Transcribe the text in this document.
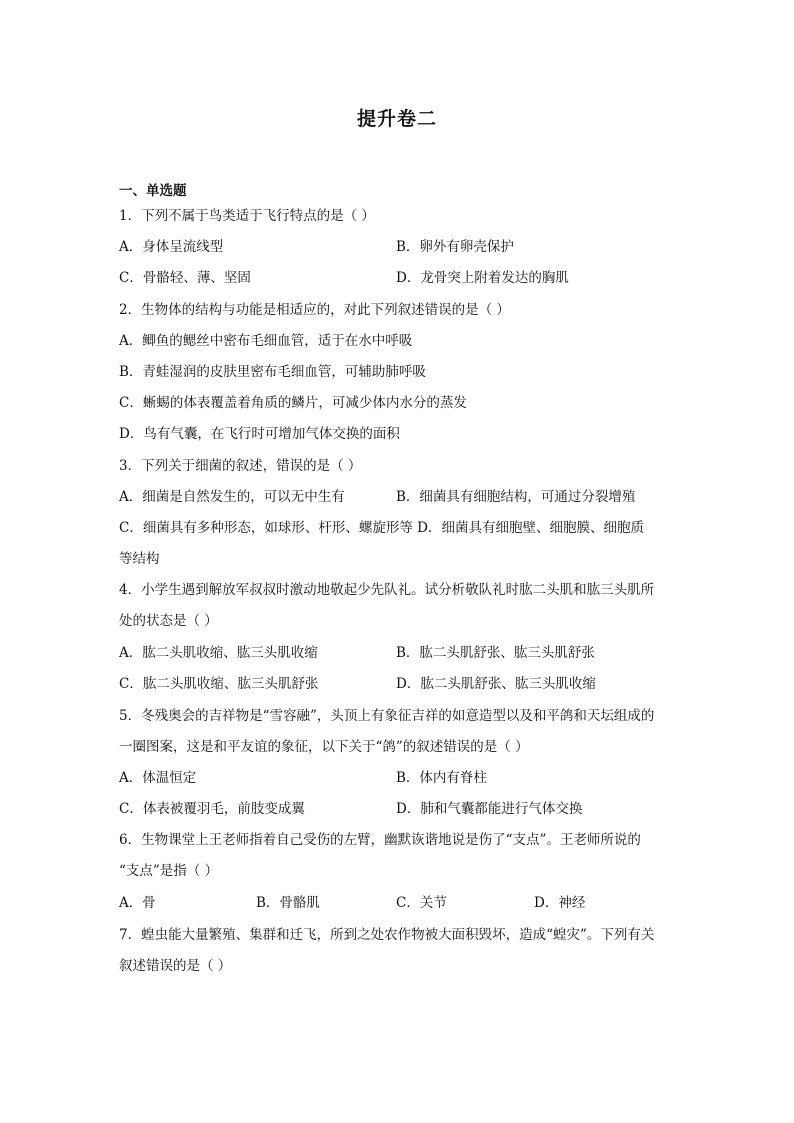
提升卷二
一、单选题
1．下列不属于鸟类适于飞行特点的是（ ）
A．身体呈流线型	B．卵外有卵壳保护
C．骨骼轻、薄、坚固	D．龙骨突上附着发达的胸肌
2．生物体的结构与功能是相适应的，对此下列叙述错误的是（ ）
A．鲫鱼的鳃丝中密布毛细血管，适于在水中呼吸
B．青蛙湿润的皮肤里密布毛细血管，可辅助肺呼吸
C．蜥蜴的体表覆盖着角质的鳞片，可减少体内水分的蒸发
D．鸟有气囊，在飞行时可增加气体交换的面积
3．下列关于细菌的叙述，错误的是（ ）
A．细菌是自然发生的，可以无中生有	B．细菌具有细胞结构，可通过分裂增殖
C．细菌具有多种形态，如球形、杆形、螺旋形等 D．细菌具有细胞壁、细胞膜、细胞质
等结构
4．小学生遇到解放军叔叔时激动地敬起少先队礼。试分析敬队礼时肱二头肌和肱三头肌所
处的状态是（ ）
A．肱二头肌收缩、肱三头肌收缩	B．肱二头肌舒张、肱三头肌舒张
C．肱二头肌收缩、肱三头肌舒张	D．肱二头肌舒张、肱三头肌收缩
5．冬残奥会的吉祥物是“雪容融”，头顶上有象征吉祥的如意造型以及和平鸽和天坛组成的
一圈图案，这是和平友谊的象征，以下关于“鸽”的叙述错误的是（ ）
A．体温恒定	B．体内有脊柱
C．体表被覆羽毛，前肢变成翼	D．肺和气囊都能进行气体交换
6．生物课堂上王老师指着自己受伤的左臂，幽默诙谐地说是伤了“支点”。王老师所说的
“支点”是指（ ）
A．骨	B．骨骼肌	C．关节	D．神经
7．蝗虫能大量繁殖、集群和迁飞，所到之处农作物被大面积毁坏，造成“蝗灾”。下列有关
叙述错误的是（ ）
